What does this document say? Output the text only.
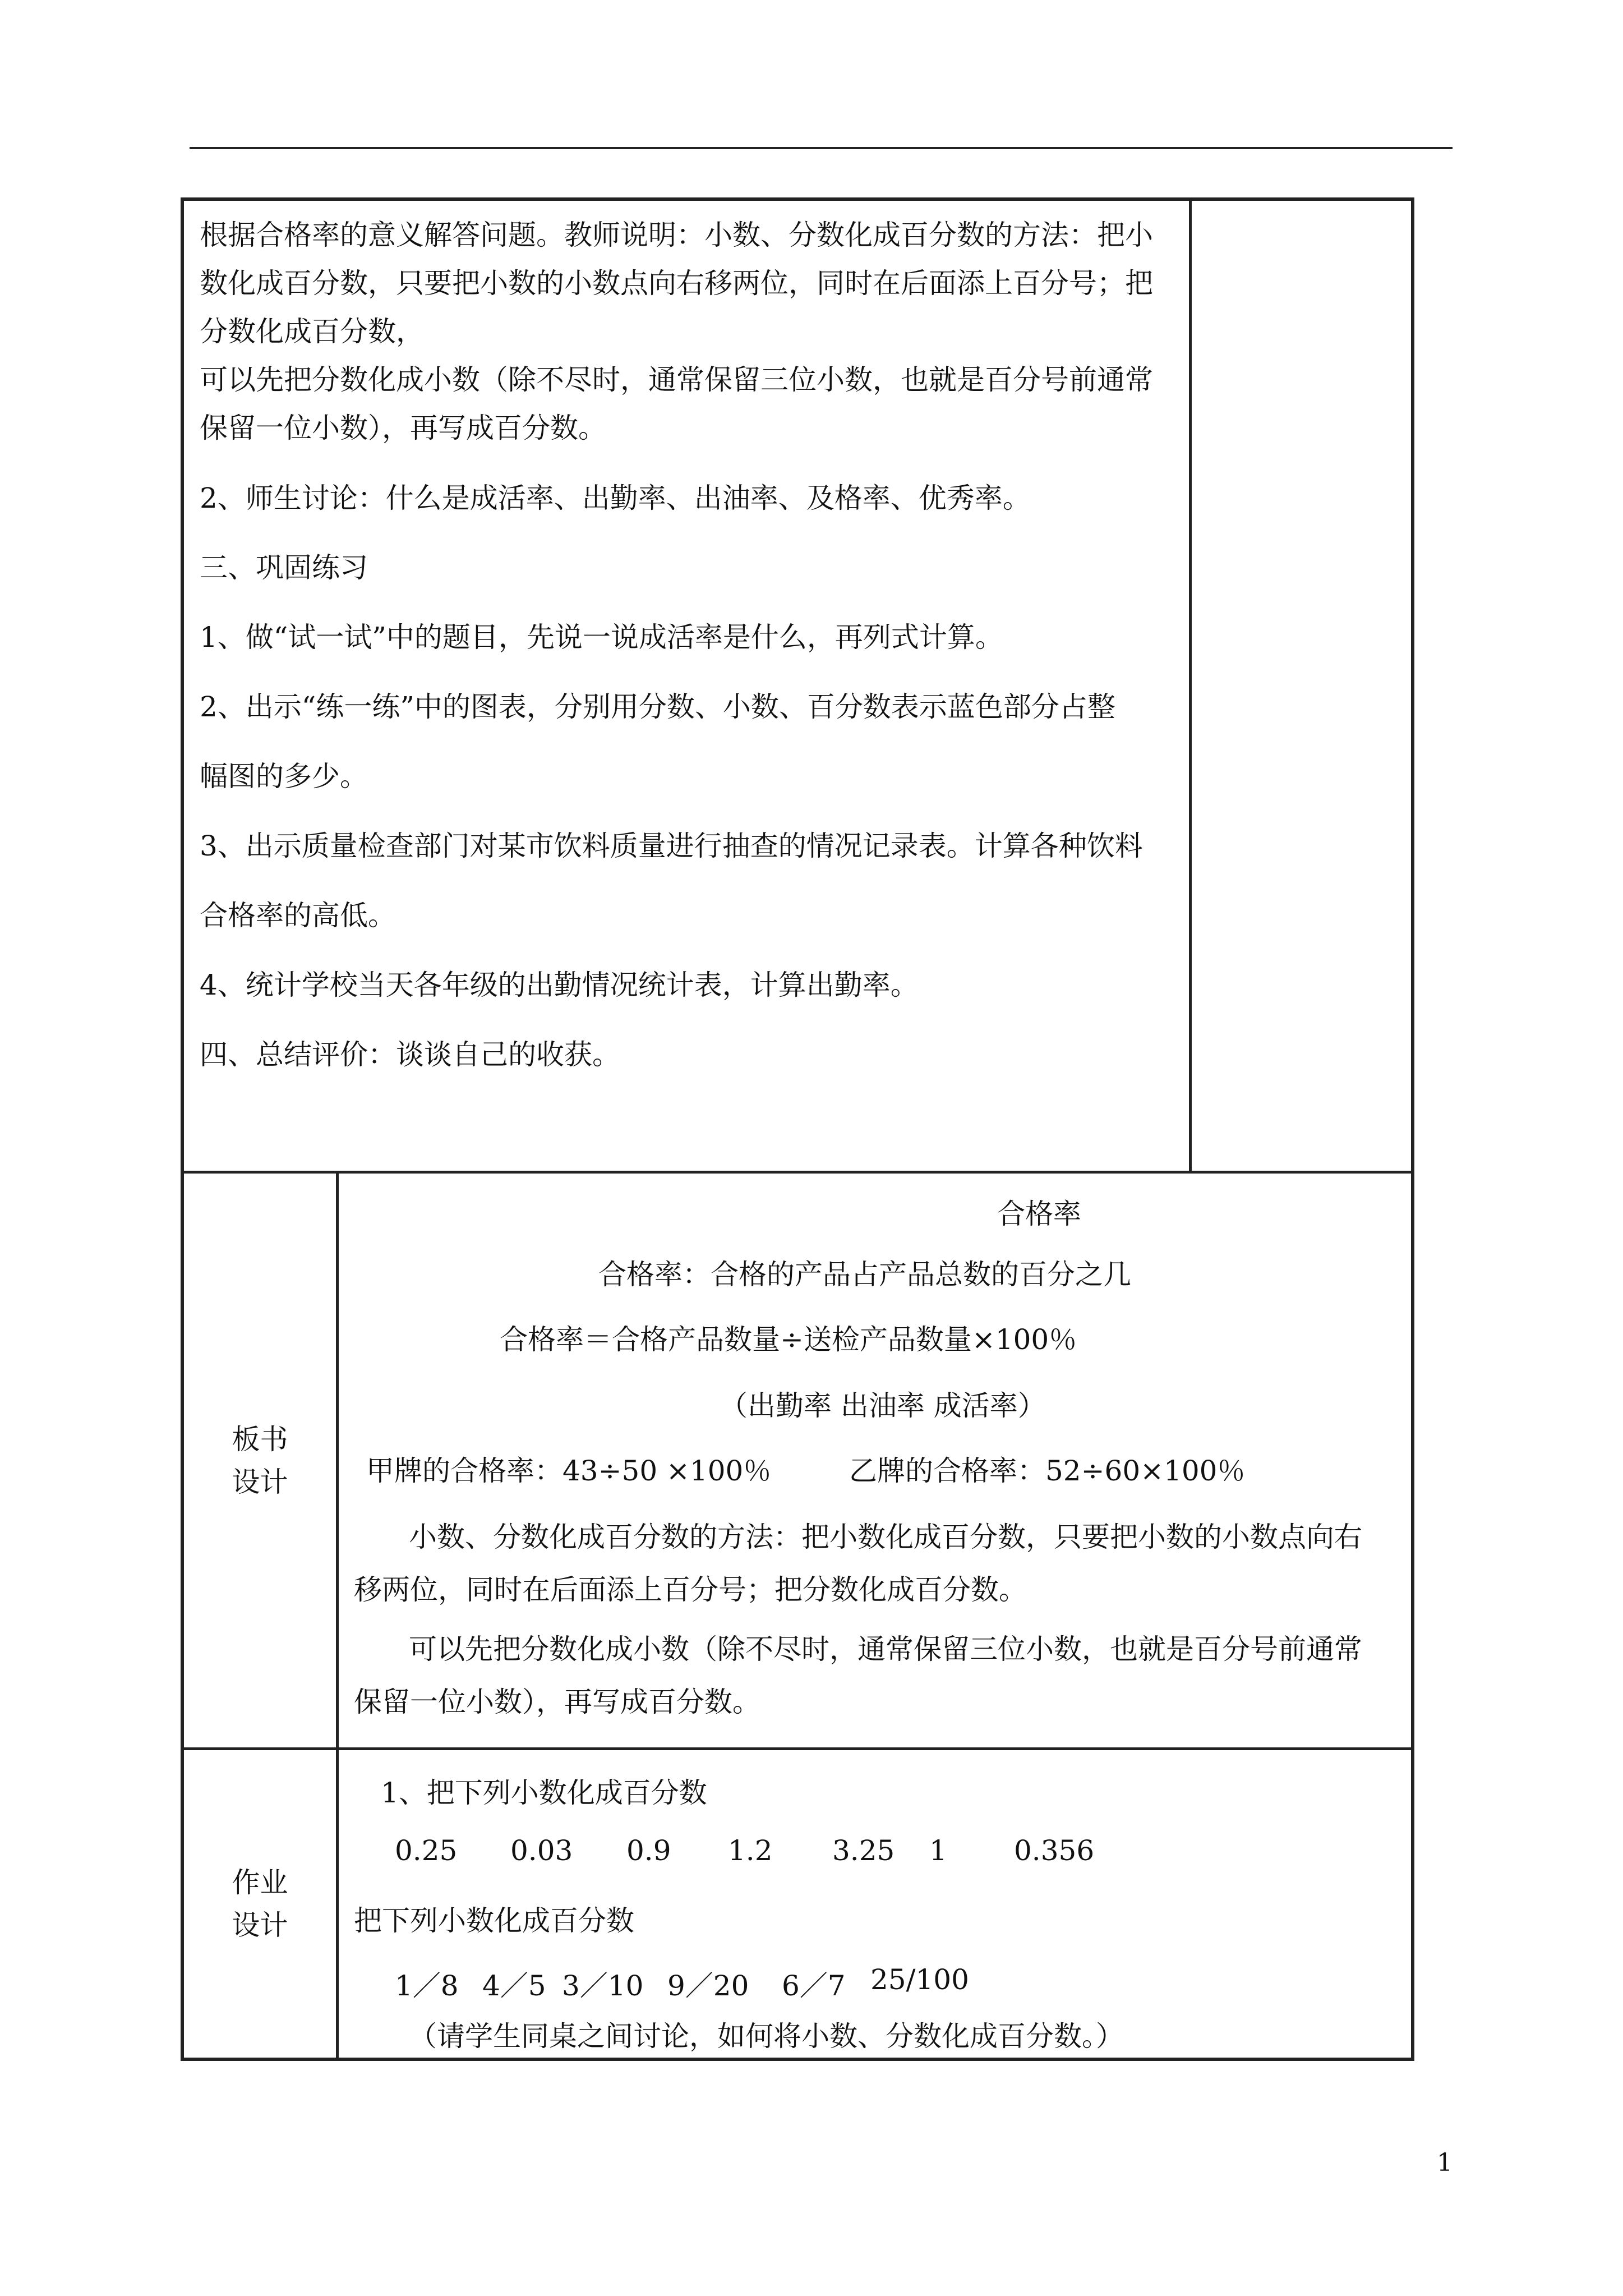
根据合格率的意义解答问题。教师说明：小数、分数化成百分数的方法：把小

数化成百分数，只要把小数的小数点向右移两位，同时在后面添上百分号；把

分数化成百分数，

可以先把分数化成小数（除不尽时，通常保留三位小数，也就是百分号前通常

保留一位小数），再写成百分数。

2、师生讨论：什么是成活率、出勤率、出油率、及格率、优秀率。

三、巩固练习

1、做“试一试”中的题目，先说一说成活率是什么，再列式计算。

2、出示“练一练”中的图表，分别用分数、小数、百分数表示蓝色部分占整

幅图的多少。

3、出示质量检查部门对某市饮料质量进行抽查的情况记录表。计算各种饮料

合格率的高低。

4、统计学校当天各年级的出勤情况统计表，计算出勤率。

四、总结评价：谈谈自己的收获。

板书
设计

合格率

合格率：合格的产品占产品总数的百分之几

合格率＝合格产品数量÷送检产品数量×100％

（出勤率 出油率 成活率）

甲牌的合格率：43÷50 ×100％	乙牌的合格率：52÷60×100％

小数、分数化成百分数的方法：把小数化成百分数，只要把小数的小数点向右

移两位，同时在后面添上百分号；把分数化成百分数。

可以先把分数化成小数（除不尽时，通常保留三位小数，也就是百分号前通常

保留一位小数），再写成百分数。

作业
设计

1、把下列小数化成百分数

0.25 0.03 0.9 1.2 3.25 1 0.356

把下列小数化成百分数

1／8 4／5 3／10 9／20 6／7 25/100

（请学生同桌之间讨论，如何将小数、分数化成百分数。）

1
